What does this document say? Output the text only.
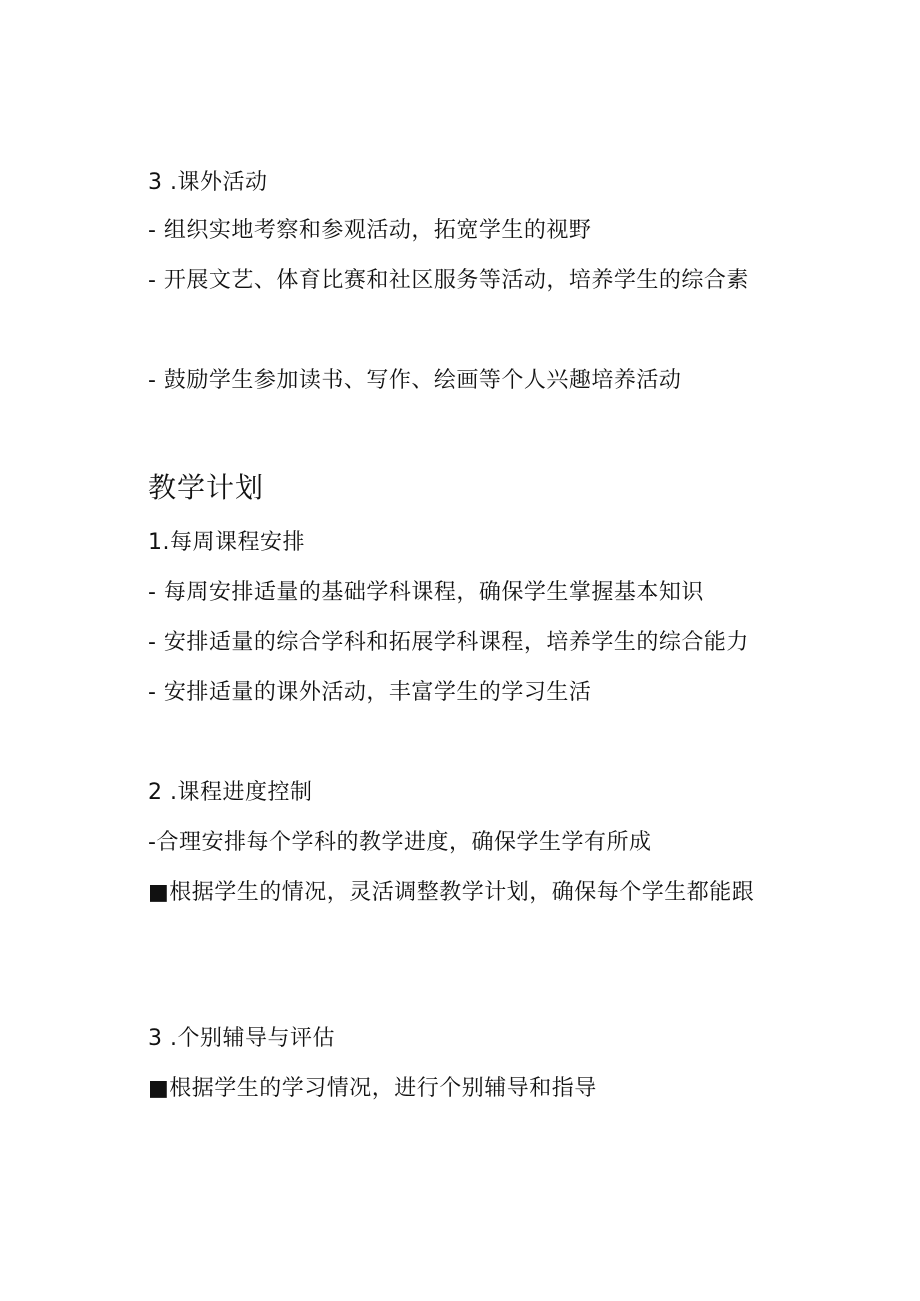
3 .课外活动
- 组织实地考察和参观活动，拓宽学生的视野
- 开展文艺、体育比赛和社区服务等活动，培养学生的综合素
- 鼓励学生参加读书、写作、绘画等个人兴趣培养活动
教学计划
1.每周课程安排
- 每周安排适量的基础学科课程，确保学生掌握基本知识
- 安排适量的综合学科和拓展学科课程，培养学生的综合能力
- 安排适量的课外活动，丰富学生的学习生活
2 .课程进度控制
-合理安排每个学科的教学进度，确保学生学有所成
■根据学生的情况，灵活调整教学计划，确保每个学生都能跟
3 .个别辅导与评估
■根据学生的学习情况，进行个别辅导和指导
